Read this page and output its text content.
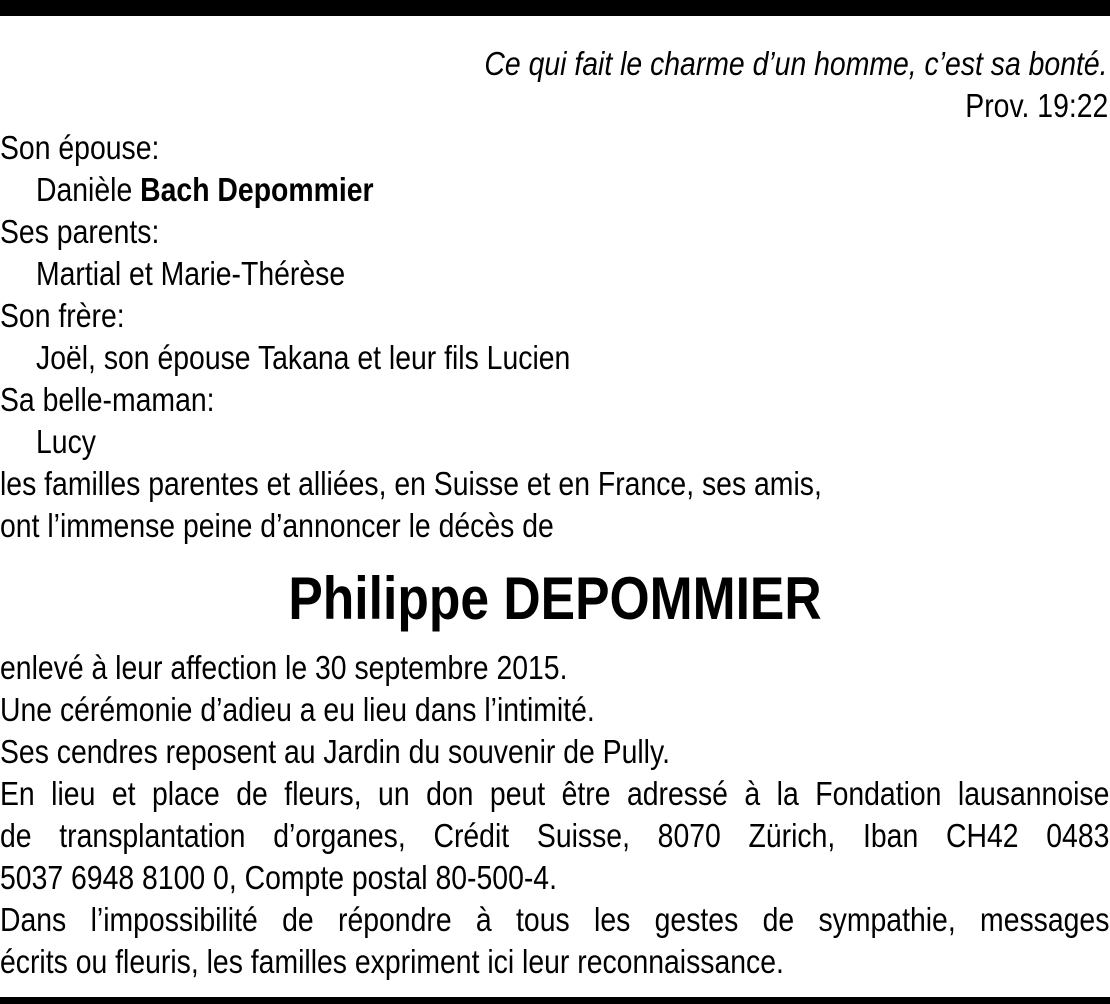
Ce qui fait le charme d’un homme, c’est sa bonté.
Prov. 19:22
Son épouse:
Danièle Bach Depommier
Ses parents:
Martial et Marie-Thérèse
Son frère:
Joël, son épouse Takana et leur fils Lucien
Sa belle-maman:
Lucy
les familles parentes et alliées, en Suisse et en France, ses amis,
ont l’immense peine d’annoncer le décès de
Philippe DEPOMMIER
enlevé à leur affection le 30 septembre 2015.
Une cérémonie d’adieu a eu lieu dans l’intimité.
Ses cendres reposent au Jardin du souvenir de Pully.
En lieu et place de fleurs, un don peut être adressé à la Fondation lausannoise
de transplantation d’organes, Crédit Suisse, 8070 Zürich, Iban CH42 0483
5037 6948 8100 0, Compte postal 80-500-4.
Dans l’impossibilité de répondre à tous les gestes de sympathie, messages
écrits ou fleuris, les familles expriment ici leur reconnaissance.
